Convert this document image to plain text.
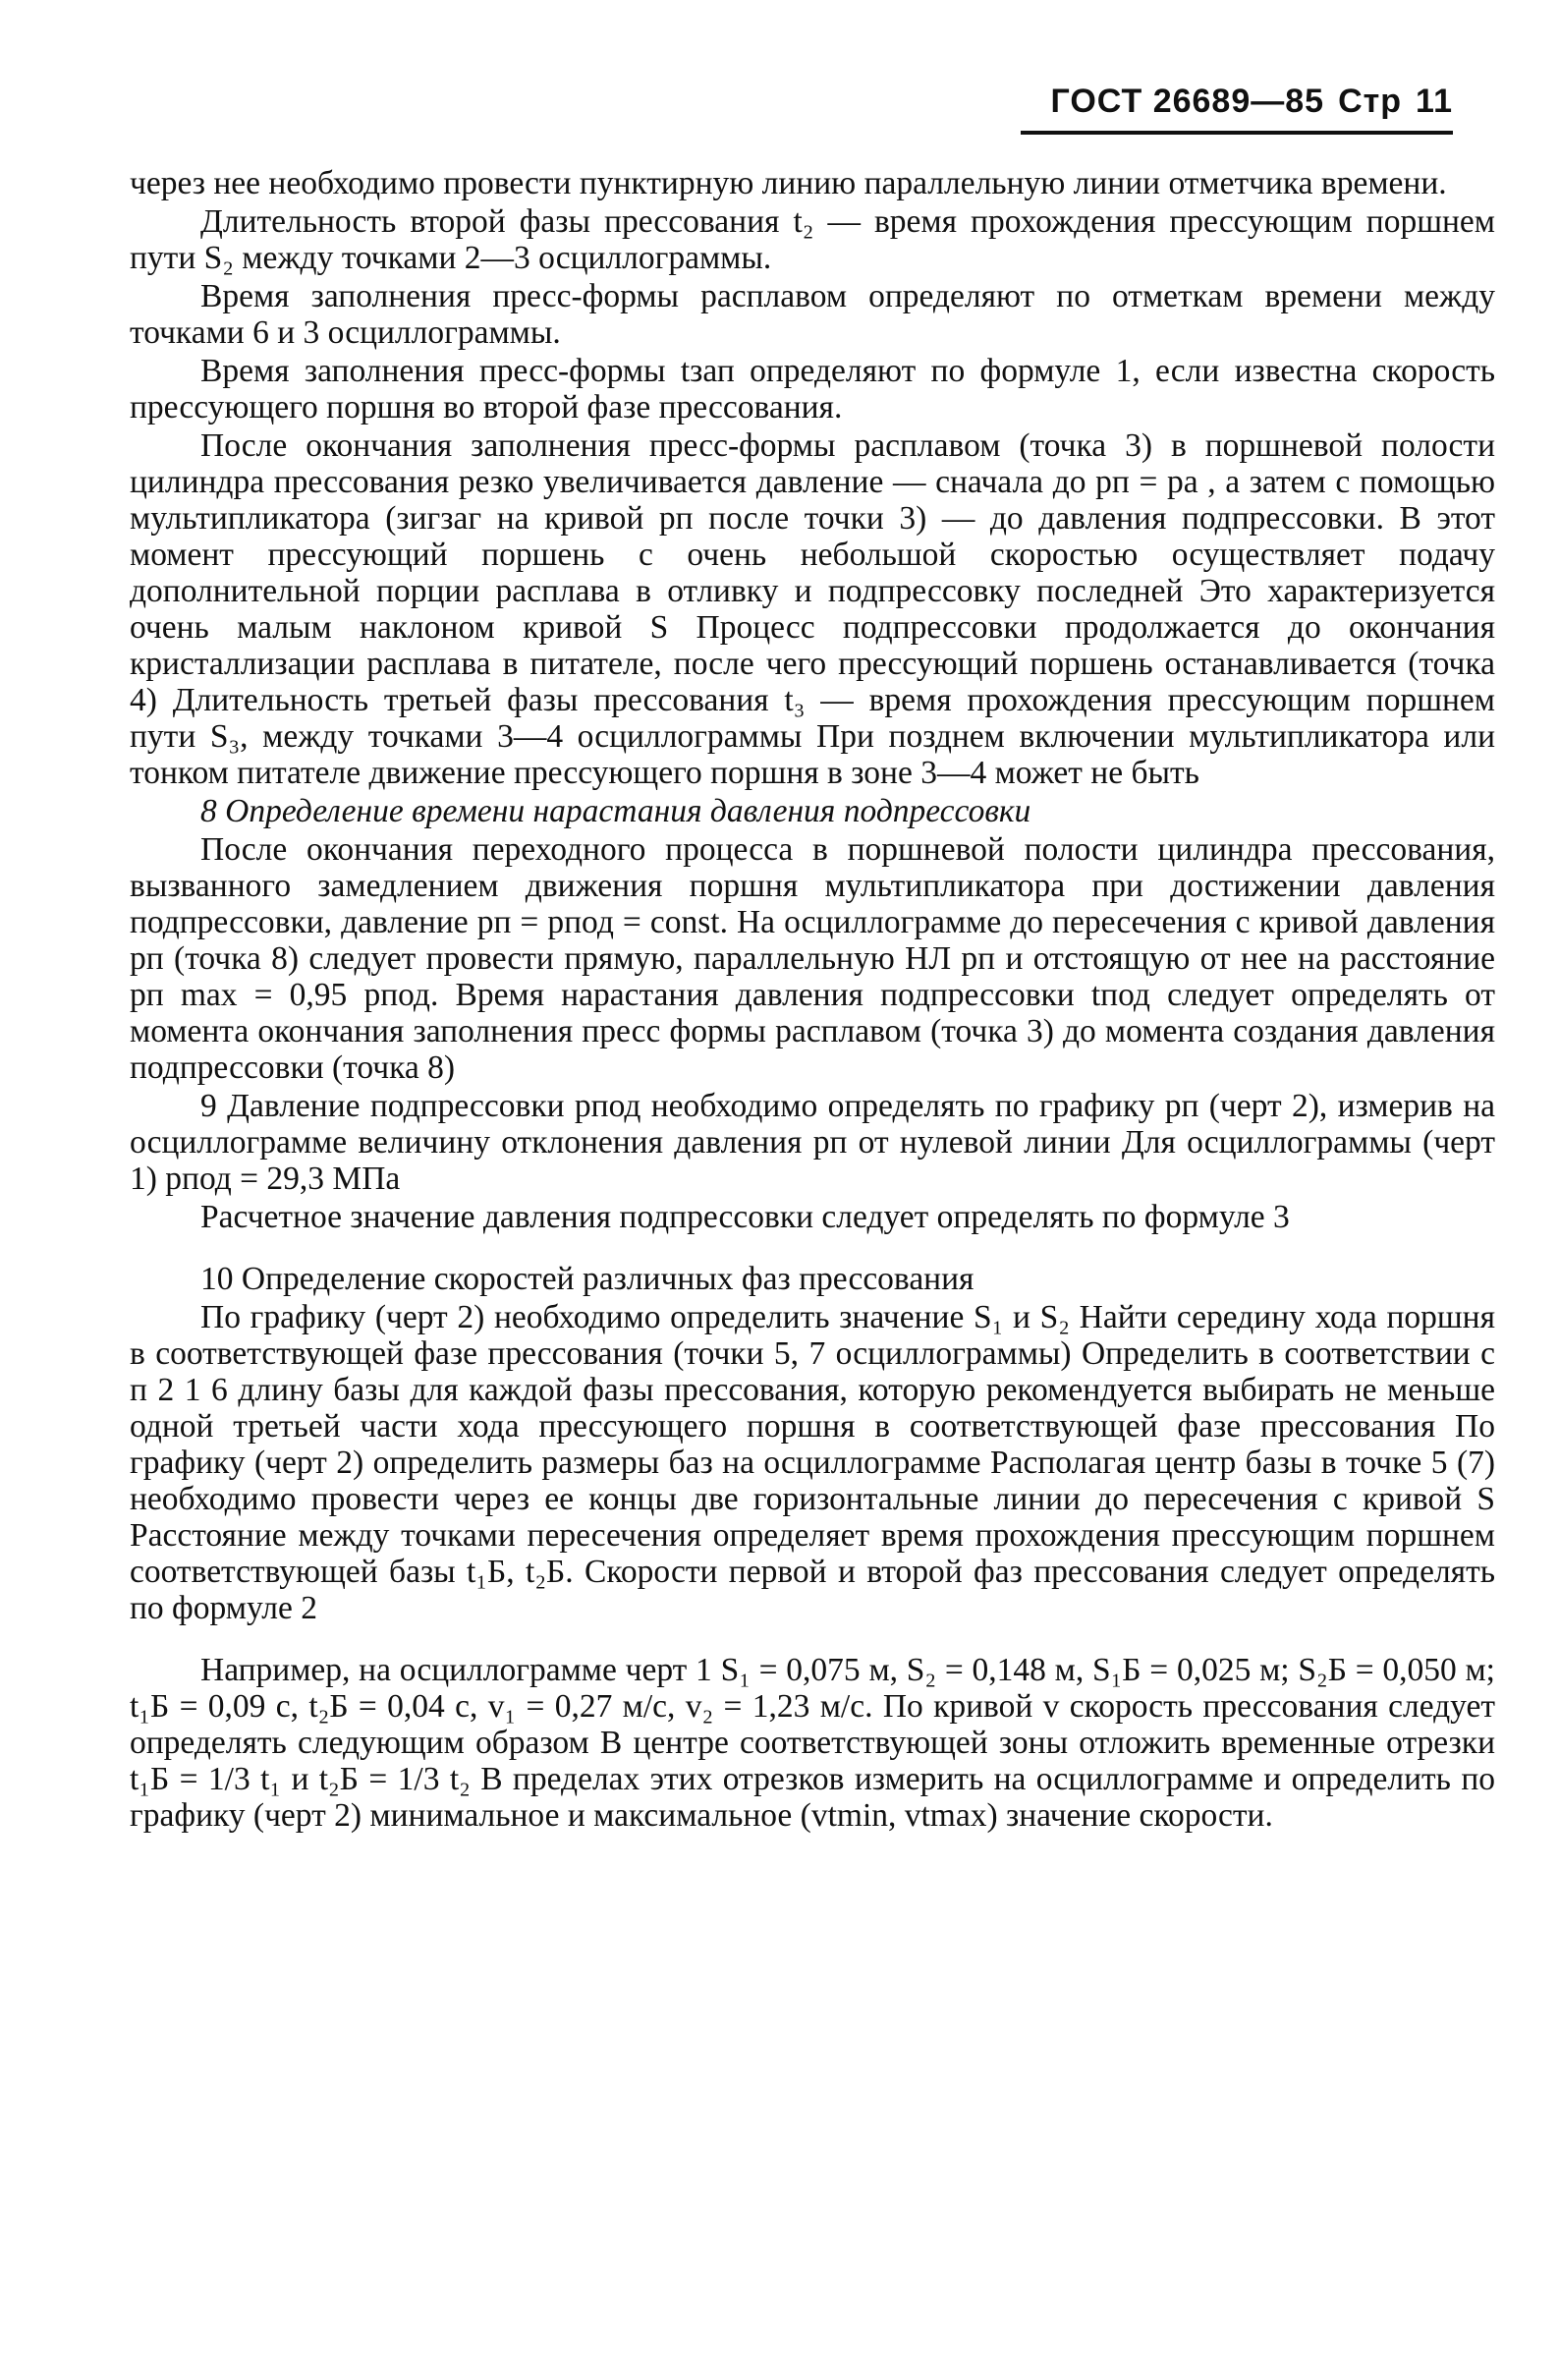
ГОСТ 26689—85 Стр 11

через нее необходимо провести пунктирную линию параллельную линии отметчика времени.

Длительность второй фазы прессования t₂ — время прохождения прессующим поршнем пути S₂ между точками 2—3 осциллограммы.

Время заполнения пресс-формы расплавом определяют по отметкам времени между точками 6 и 3 осциллограммы.

Время заполнения пресс-формы tзап определяют по формуле 1, если известна скорость прессующего поршня во второй фазе прессования.

После окончания заполнения пресс-формы расплавом (точка 3) в поршневой полости цилиндра прессования резко увеличивается давление — сначала до pп = pа , а затем с помощью мультипликатора (зигзаг на кривой pп после точки 3) — до давления подпрессовки. В этот момент прессующий поршень с очень небольшой скоростью осуществляет подачу дополнительной порции расплава в отливку и подпрессовку последней Это характеризуется очень малым наклоном кривой S Процесс подпрессовки продолжается до окончания кристаллизации расплава в питателе, после чего прессующий поршень останавливается (точка 4) Длительность третьей фазы прессования t₃ — время прохождения прессующим поршнем пути S₃, между точками 3—4 осциллограммы При позднем включении мультипликатора или тонком питателе движение прессующего поршня в зоне 3—4 может не быть

8 Определение времени нарастания давления подпрессовки

После окончания переходного процесса в поршневой полости цилиндра прессования, вызванного замедлением движения поршня мультипликатора при достижении давления подпрессовки, давление pп = pпод = const. На осциллограмме до пересечения с кривой давления pп (точка 8) следует провести прямую, параллельную НЛ pп и отстоящую от нее на расстояние pп max = 0,95 pпод. Время нарастания давления подпрессовки tпод следует определять от момента окончания заполнения пресс формы расплавом (точка 3) до момента создания давления подпрессовки (точка 8)

9 Давление подпрессовки pпод необходимо определять по графику pп (черт 2), измерив на осциллограмме величину отклонения давления pп от нулевой линии Для осциллограммы (черт 1) pпод = 29,3 МПа

Расчетное значение давления подпрессовки следует определять по формуле 3

10 Определение скоростей различных фаз прессования

По графику (черт 2) необходимо определить значение S₁ и S₂ Найти середину хода поршня в соответствующей фазе прессования (точки 5, 7 осциллограммы) Определить в соответствии с п 2 1 6 длину базы для каждой фазы прессования, которую рекомендуется выбирать не меньше одной третьей части хода прессующего поршня в соответствующей фазе прессования По графику (черт 2) определить размеры баз на осциллограмме Располагая центр базы в точке 5 (7) необходимо провести через ее концы две горизонтальные линии до пересечения с кривой S Расстояние между точками пересечения определяет время прохождения прессующим поршнем соответствующей базы t₁Б, t₂Б. Скорости первой и второй фаз прессования следует определять по формуле 2

Например, на осциллограмме черт 1 S₁ = 0,075 м, S₂ = 0,148 м, S₁Б = 0,025 м; S₂Б = 0,050 м; t₁Б = 0,09 с, t₂Б = 0,04 с, v₁ = 0,27 м/с, v₂ = 1,23 м/с. По кривой v скорость прессования следует определять следующим образом В центре соответствующей зоны отложить временные отрезки t₁Б = 1/3 t₁ и t₂Б = 1/3 t₂ В пределах этих отрезков измерить на осциллограмме и определить по графику (черт 2) минимальное и максимальное (vtmin, vtmax) значение скорости.
